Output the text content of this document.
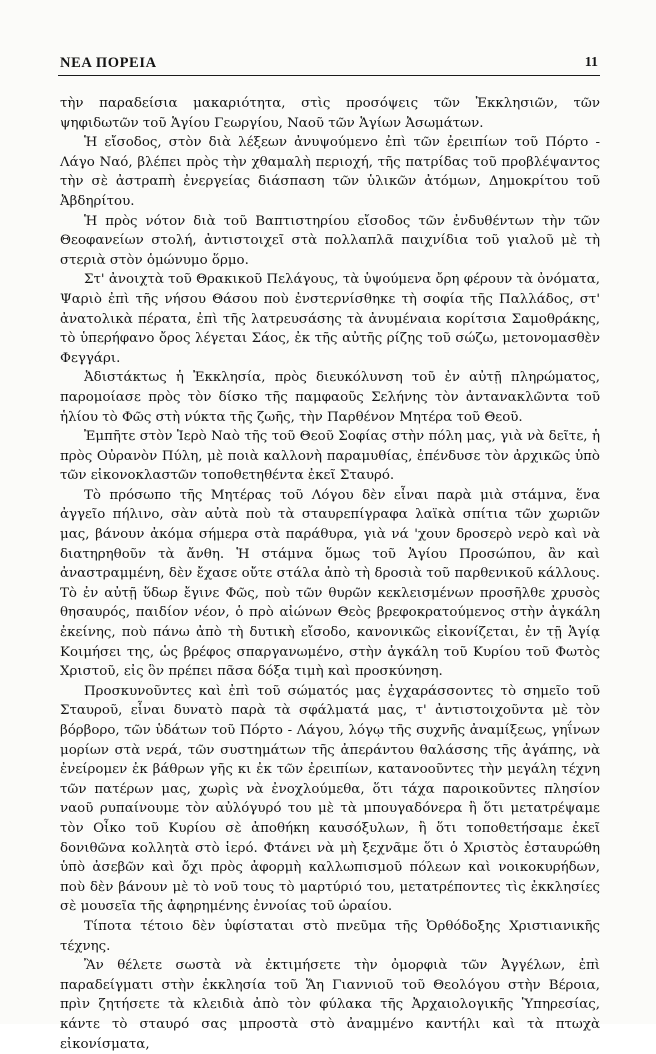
ΝΕΑ ΠΟΡΕΙΑ	11

τὴν παραδείσια μακαριότητα, στὶς προσόψεις τῶν Ἐκκλησιῶν, τῶν ψηφιδωτῶν τοῦ Ἁγίου Γεωργίου, Ναοῦ τῶν Ἁγίων Ἀσωμάτων.

Ἡ εἴσοδος, στὸν διὰ λέξεων ἀνυψούμενο ἐπὶ τῶν ἐρειπίων τοῦ Πόρτο - Λάγο Ναό, βλέπει πρὸς τὴν χθαμαλὴ περιοχή, τῆς πατρίδας τοῦ προβλέψαντος τὴν σὲ ἀστραπὴ ἐνεργείας διάσπαση τῶν ὑλικῶν ἀτόμων, Δημοκρίτου τοῦ Ἀβδηρίτου.

Ἡ πρὸς νότον διὰ τοῦ Βαπτιστηρίου εἴσοδος τῶν ἐνδυθέντων τὴν τῶν Θεοφανείων στολή, ἀντιστοιχεῖ στὰ πολλαπλᾶ παιχνίδια τοῦ γιαλοῦ μὲ τὴ στεριὰ στὸν ὁμώνυμο ὅρμο.

Στ' ἀνοιχτὰ τοῦ Θρακικοῦ Πελάγους, τὰ ὑψούμενα ὄρη φέρουν τὰ ὀνόματα, Ψαριὸ ἐπὶ τῆς νήσου Θάσου ποὺ ἐνστερνίσθηκε τὴ σοφία τῆς Παλλάδος, στ' ἀνατολικὰ πέρατα, ἐπὶ τῆς λατρευσάσης τὰ ἀνυμέναια κορίτσια Σαμοθράκης, τὸ ὑπερήφανο ὄρος λέγεται Σάος, ἐκ τῆς αὐτῆς ρίζης τοῦ σώζω, μετονομασθὲν Φεγγάρι.

Ἀδιστάκτως ἡ Ἐκκλησία, πρὸς διευκόλυνση τοῦ ἐν αὐτῇ πληρώματος, παρομοίασε πρὸς τὸν δίσκο τῆς παμφαοῦς Σελήνης τὸν ἀντανακλῶντα τοῦ ἡλίου τὸ Φῶς στὴ νύκτα τῆς ζωῆς, τὴν Παρθένον Μητέρα τοῦ Θεοῦ.

Ἐμπῆτε στὸν Ἱερὸ Ναὸ τῆς τοῦ Θεοῦ Σοφίας στὴν πόλη μας, γιὰ νὰ δεῖτε, ἡ πρὸς Οὐρανὸν Πύλη, μὲ ποιὰ καλλονὴ παραμυθίας, ἐπένδυσε τὸν ἀρχικῶς ὑπὸ τῶν εἰκονοκλαστῶν τοποθετηθέντα ἐκεῖ Σταυρό.

Τὸ πρόσωπο τῆς Μητέρας τοῦ Λόγου δὲν εἶναι παρὰ μιὰ στάμνα, ἕνα ἀγγεῖο πήλινο, σὰν αὐτὰ ποὺ τὰ σταυρεπίγραφα λαϊκὰ σπίτια τῶν χωριῶν μας, βάνουν ἀκόμα σήμερα στὰ παράθυρα, γιὰ νά 'χουν δροσερὸ νερὸ καὶ νὰ διατηρηθοῦν τὰ ἄνθη. Ἡ στάμνα ὅμως τοῦ Ἁγίου Προσώπου, ἂν καὶ ἀναστραμμένη, δὲν ἔχασε οὔτε στάλα ἀπὸ τὴ δροσιὰ τοῦ παρθενικοῦ κάλλους. Τὸ ἐν αὐτῇ ὕδωρ ἔγινε Φῶς, ποὺ τῶν θυρῶν κεκλεισμένων προσῆλθε χρυσὸς θησαυρός, παιδίον νέον, ὁ πρὸ αἰώνων Θεὸς βρεφοκρατούμενος στὴν ἀγκάλη ἐκείνης, ποὺ πάνω ἀπὸ τὴ δυτικὴ εἴσοδο, κανονικῶς εἰκονίζεται, ἐν τῇ Ἁγίᾳ Κοιμήσει της, ὡς βρέφος σπαργανωμένο, στὴν ἀγκάλη τοῦ Κυρίου τοῦ Φωτὸς Χριστοῦ, εἰς ὃν πρέπει πᾶσα δόξα τιμὴ καὶ προσκύνηση.

Προσκυνοῦντες καὶ ἐπὶ τοῦ σώματός μας ἐγχαράσσοντες τὸ σημεῖο τοῦ Σταυροῦ, εἶναι δυνατὸ παρὰ τὰ σφάλματά μας, τ' ἀντιστοιχοῦντα μὲ τὸν βόρβορο, τῶν ὑδάτων τοῦ Πόρτο - Λάγου, λόγῳ τῆς συχνῆς ἀναμίξεως, γηΐνων μορίων στὰ νερά, τῶν συστημάτων τῆς ἀπεράντου θαλάσσης τῆς ἀγάπης, νὰ ἐνείρομεν ἐκ βάθρων γῆς κι ἐκ τῶν ἐρειπίων, κατανοοῦντες τὴν μεγάλη τέχνη τῶν πατέρων μας, χωρὶς νὰ ἐνοχλούμεθα, ὅτι τάχα παροικοῦντες πλησίον ναοῦ ρυπαίνουμε τὸν αὐλόγυρό του μὲ τὰ μπουγαδόνερα ἢ ὅτι μετατρέψαμε τὸν Οἶκο τοῦ Κυρίου σὲ ἀποθήκη καυσόξυλων, ἢ ὅτι τοποθετήσαμε ἐκεῖ δονιθῶνα κολλητὰ στὸ ἱερό. Φτάνει νὰ μὴ ξεχνᾶμε ὅτι ὁ Χριστὸς ἐσταυρώθη ὑπὸ ἀσεβῶν καὶ ὄχι πρὸς ἀφορμὴ καλλωπισμοῦ πόλεων καὶ νοικοκυρήδων, ποὺ δὲν βάνουν μὲ τὸ νοῦ τους τὸ μαρτύριό του, μετατρέποντες τὶς ἐκκλησίες σὲ μουσεῖα τῆς ἀφηρημένης ἐννοίας τοῦ ὡραίου.

Τίποτα τέτοιο δὲν ὑφίσταται στὸ πνεῦμα τῆς Ὀρθόδοξης Χριστιανικῆς τέχνης.

Ἂν θέλετε σωστὰ νὰ ἐκτιμήσετε τὴν ὀμορφιὰ τῶν Ἀγγέλων, ἐπὶ παραδείγματι στὴν ἐκκλησία τοῦ Ἅη Γιαννιοῦ τοῦ Θεολόγου στὴν Βέροια, πρὶν ζητήσετε τὰ κλειδιὰ ἀπὸ τὸν φύλακα τῆς Ἀρχαιολογικῆς Ὑπηρεσίας, κάντε τὸ σταυρό σας μπροστὰ στὸ ἀναμμένο καντήλι καὶ τὰ πτωχὰ εἰκονίσματα,
